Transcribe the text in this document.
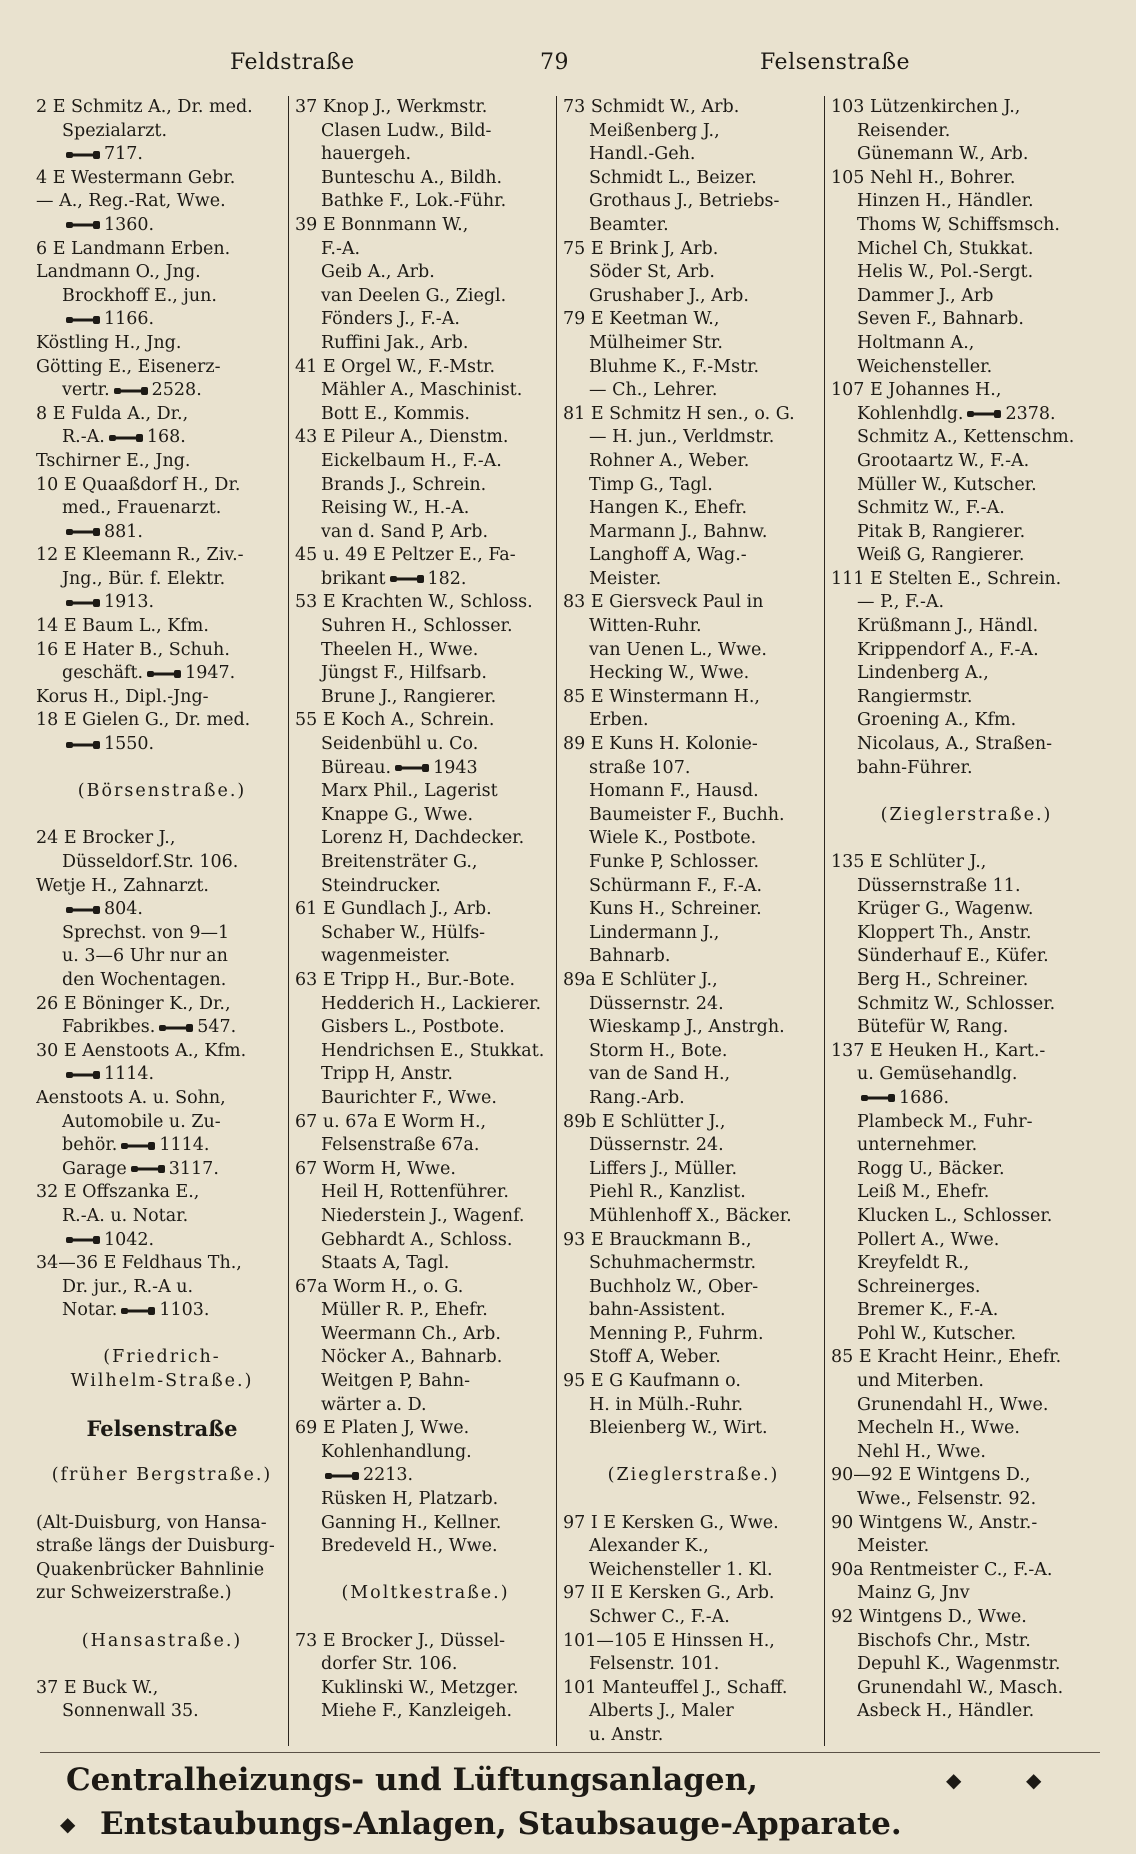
Feldstraße	79	Felsenstraße
2 E Schmitz A., Dr. med.
Spezialarzt.
717.
4 E Westermann Gebr.
— A., Reg.-Rat, Wwe.
1360.
6 E Landmann Erben.
Landmann O., Jng.
Brockhoff E., jun.
1166.
Köstling H., Jng.
Götting E., Eisenerz-
vertr. 2528.
8 E Fulda A., Dr.,
R.-A. 168.
Tschirner E., Jng.
10 E Quaaßdorf H., Dr.
med., Frauenarzt.
881.
12 E Kleemann R., Ziv.-
Jng., Bür. f. Elektr.
1913.
14 E Baum L., Kfm.
16 E Hater B., Schuh.
geschäft. 1947.
Korus H., Dipl.-Jng-
18 E Gielen G., Dr. med.
1550.
(Börsenstraße.)
24 E Brocker J.,
Düsseldorf.Str. 106.
Wetje H., Zahnarzt.
804.
Sprechst. von 9—1
u. 3—6 Uhr nur an
den Wochentagen.
26 E Böninger K., Dr.,
Fabrikbes. 547.
30 E Aenstoots A., Kfm.
1114.
Aenstoots A. u. Sohn,
Automobile u. Zu-
behör. 1114.
Garage 3117.
32 E Offszanka E.,
R.-A. u. Notar.
1042.
34—36 E Feldhaus Th.,
Dr. jur., R.-A u.
Notar. 1103.
(Friedrich-
Wilhelm-Straße.)
Felsenstraße
(früher Bergstraße.)
(Alt-Duisburg, von Hansa-
straße längs der Duisburg-
Quakenbrücker Bahnlinie
zur Schweizerstraße.)
(Hansastraße.)
37 E Buck W.,
Sonnenwall 35.
37 Knop J., Werkmstr.
Clasen Ludw., Bild-
hauergeh.
Bunteschu A., Bildh.
Bathke F., Lok.-Führ.
39 E Bonnmann W.,
F.-A.
Geib A., Arb.
van Deelen G., Ziegl.
Fönders J., F.-A.
Ruffini Jak., Arb.
41 E Orgel W., F.-Mstr.
Mähler A., Maschinist.
Bott E., Kommis.
43 E Pileur A., Dienstm.
Eickelbaum H., F.-A.
Brands J., Schrein.
Reising W., H.-A.
van d. Sand P, Arb.
45 u. 49 E Peltzer E., Fa-
brikant 182.
53 E Krachten W., Schloss.
Suhren H., Schlosser.
Theelen H., Wwe.
Jüngst F., Hilfsarb.
Brune J., Rangierer.
55 E Koch A., Schrein.
Seidenbühl u. Co.
Büreau. 1943
Marx Phil., Lagerist
Knappe G., Wwe.
Lorenz H, Dachdecker.
Breitensträter G.,
Steindrucker.
61 E Gundlach J., Arb.
Schaber W., Hülfs-
wagenmeister.
63 E Tripp H., Bur.-Bote.
Hedderich H., Lackierer.
Gisbers L., Postbote.
Hendrichsen E., Stukkat.
Tripp H, Anstr.
Baurichter F., Wwe.
67 u. 67a E Worm H.,
Felsenstraße 67a.
67 Worm H, Wwe.
Heil H, Rottenführer.
Niederstein J., Wagenf.
Gebhardt A., Schloss.
Staats A, Tagl.
67a Worm H., o. G.
Müller R. P., Ehefr.
Weermann Ch., Arb.
Nöcker A., Bahnarb.
Weitgen P, Bahn-
wärter a. D.
69 E Platen J, Wwe.
Kohlenhandlung.
2213.
Rüsken H, Platzarb.
Ganning H., Kellner.
Bredeveld H., Wwe.
(Moltkestraße.)
73 E Brocker J., Düssel-
dorfer Str. 106.
Kuklinski W., Metzger.
Miehe F., Kanzleigeh.
73 Schmidt W., Arb.
Meißenberg J.,
Handl.-Geh.
Schmidt L., Beizer.
Grothaus J., Betriebs-
Beamter.
75 E Brink J, Arb.
Söder St, Arb.
Grushaber J., Arb.
79 E Keetman W.,
Mülheimer Str.
Bluhme K., F.-Mstr.
— Ch., Lehrer.
81 E Schmitz H sen., o. G.
— H. jun., Verldmstr.
Rohner A., Weber.
Timp G., Tagl.
Hangen K., Ehefr.
Marmann J., Bahnw.
Langhoff A, Wag.-
Meister.
83 E Giersveck Paul in
Witten-Ruhr.
van Uenen L., Wwe.
Hecking W., Wwe.
85 E Winstermann H.,
Erben.
89 E Kuns H. Kolonie-
straße 107.
Homann F., Hausd.
Baumeister F., Buchh.
Wiele K., Postbote.
Funke P, Schlosser.
Schürmann F., F.-A.
Kuns H., Schreiner.
Lindermann J.,
Bahnarb.
89a E Schlüter J.,
Düssernstr. 24.
Wieskamp J., Anstrgh.
Storm H., Bote.
van de Sand H.,
Rang.-Arb.
89b E Schlütter J.,
Düssernstr. 24.
Liffers J., Müller.
Piehl R., Kanzlist.
Mühlenhoff X., Bäcker.
93 E Brauckmann B.,
Schuhmachermstr.
Buchholz W., Ober-
bahn-Assistent.
Menning P., Fuhrm.
Stoff A, Weber.
95 E G Kaufmann o.
H. in Mülh.-Ruhr.
Bleienberg W., Wirt.
(Zieglerstraße.)
97 I E Kersken G., Wwe.
Alexander K.,
Weichensteller 1. Kl.
97 II E Kersken G., Arb.
Schwer C., F.-A.
101—105 E Hinssen H.,
Felsenstr. 101.
101 Manteuffel J., Schaff.
Alberts J., Maler
u. Anstr.
103 Lützenkirchen J.,
Reisender.
Günemann W., Arb.
105 Nehl H., Bohrer.
Hinzen H., Händler.
Thoms W, Schiffsmsch.
Michel Ch, Stukkat.
Helis W., Pol.-Sergt.
Dammer J., Arb
Seven F., Bahnarb.
Holtmann A.,
Weichensteller.
107 E Johannes H.,
Kohlenhdlg. 2378.
Schmitz A., Kettenschm.
Grootaartz W., F.-A.
Müller W., Kutscher.
Schmitz W., F.-A.
Pitak B, Rangierer.
Weiß G, Rangierer.
111 E Stelten E., Schrein.
— P., F.-A.
Krüßmann J., Händl.
Krippendorf A., F.-A.
Lindenberg A.,
Rangiermstr.
Groening A., Kfm.
Nicolaus, A., Straßen-
bahn-Führer.
(Zieglerstraße.)
135 E Schlüter J.,
Düssernstraße 11.
Krüger G., Wagenw.
Kloppert Th., Anstr.
Sünderhauf E., Küfer.
Berg H., Schreiner.
Schmitz W., Schlosser.
Bütefür W, Rang.
137 E Heuken H., Kart.-
u. Gemüsehandlg.
1686.
Plambeck M., Fuhr-
unternehmer.
Rogg U., Bäcker.
Leiß M., Ehefr.
Klucken L., Schlosser.
Pollert A., Wwe.
Kreyfeldt R.,
Schreinerges.
Bremer K., F.-A.
Pohl W., Kutscher.
85 E Kracht Heinr., Ehefr.
und Miterben.
Grunendahl H., Wwe.
Mecheln H., Wwe.
Nehl H., Wwe.
90—92 E Wintgens D.,
Wwe., Felsenstr. 92.
90 Wintgens W., Anstr.-
Meister.
90a Rentmeister C., F.-A.
Mainz G, Jnv
92 Wintgens D., Wwe.
Bischofs Chr., Mstr.
Depuhl K., Wagenmstr.
Grunendahl W., Masch.
Asbeck H., Händler.
Centralheizungs- und Lüftungsanlagen,	◆	◆
◆ Entstaubungs-Anlagen, Staubsauge-Apparate.
